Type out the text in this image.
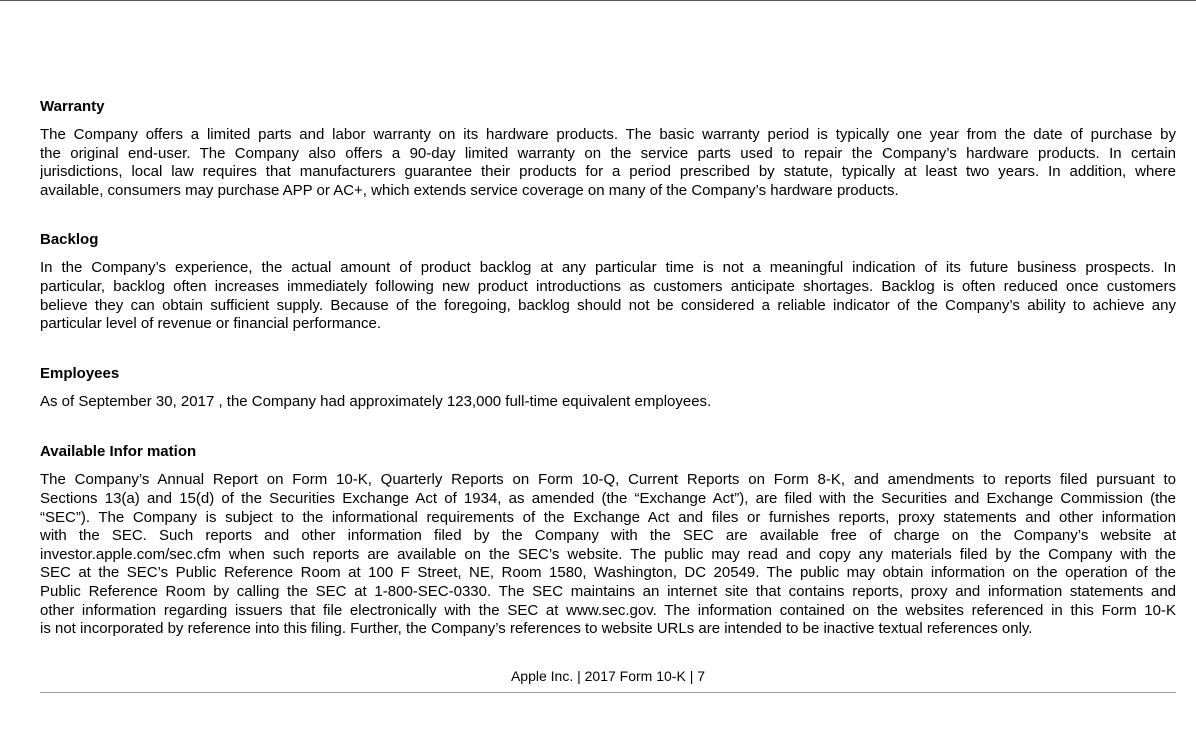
Warranty
The Company offers a limited parts and labor warranty on its hardware products. The basic warranty period is typically one year from the date of purchase by
the original end-user. The Company also offers a 90-day limited warranty on the service parts used to repair the Company’s hardware products. In certain
jurisdictions, local law requires that manufacturers guarantee their products for a period prescribed by statute, typically at least two years. In addition, where
available, consumers may purchase APP or AC+, which extends service coverage on many of the Company’s hardware products.
Backlog
In the Company’s experience, the actual amount of product backlog at any particular time is not a meaningful indication of its future business prospects. In
particular, backlog often increases immediately following new product introductions as customers anticipate shortages. Backlog is often reduced once customers
believe they can obtain sufficient supply. Because of the foregoing, backlog should not be considered a reliable indicator of the Company’s ability to achieve any
particular level of revenue or financial performance.
Employees
As of September 30, 2017 , the Company had approximately 123,000 full-time equivalent employees.
Available Infor mation
The Company’s Annual Report on Form 10-K, Quarterly Reports on Form 10-Q, Current Reports on Form 8-K, and amendments to reports filed pursuant to
Sections 13(a) and 15(d) of the Securities Exchange Act of 1934, as amended (the “Exchange Act”), are filed with the Securities and Exchange Commission (the
“SEC”). The Company is subject to the informational requirements of the Exchange Act and files or furnishes reports, proxy statements and other information
with the SEC. Such reports and other information filed by the Company with the SEC are available free of charge on the Company’s website at
investor.apple.com/sec.cfm when such reports are available on the SEC’s website. The public may read and copy any materials filed by the Company with the
SEC at the SEC’s Public Reference Room at 100 F Street, NE, Room 1580, Washington, DC 20549. The public may obtain information on the operation of the
Public Reference Room by calling the SEC at 1-800-SEC-0330. The SEC maintains an internet site that contains reports, proxy and information statements and
other information regarding issuers that file electronically with the SEC at www.sec.gov. The information contained on the websites referenced in this Form 10-K
is not incorporated by reference into this filing. Further, the Company’s references to website URLs are intended to be inactive textual references only.
Apple Inc. | 2017 Form 10-K | 7
